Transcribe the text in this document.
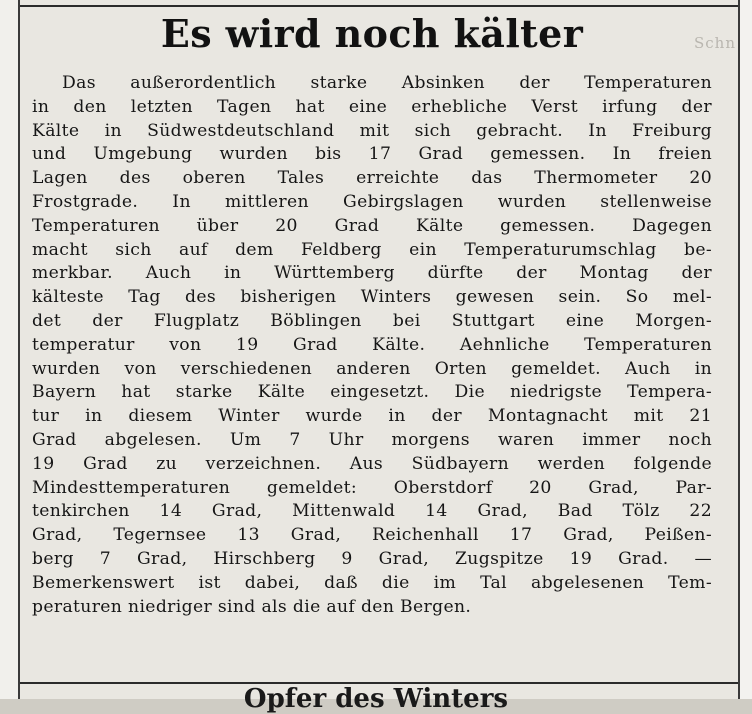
Schn
Es wird noch kälter
Das außerordentlich starke Absinken der Temperaturen
in den letzten Tagen hat eine erhebliche Verst irfung der
Kälte in Südwestdeutschland mit sich gebracht. In Freiburg
und Umgebung wurden bis 17 Grad gemessen. In freien
Lagen des oberen Tales erreichte das Thermometer 20
Frostgrade. In mittleren Gebirgslagen wurden stellenweise
Temperaturen über 20 Grad Kälte gemessen. Dagegen
macht sich auf dem Feldberg ein Temperaturumschlag be-
merkbar. Auch in Württemberg dürfte der Montag der
kälteste Tag des bisherigen Winters gewesen sein. So mel-
det der Flugplatz Böblingen bei Stuttgart eine Morgen-
temperatur von 19 Grad Kälte. Aehnliche Temperaturen
wurden von verschiedenen anderen Orten gemeldet. Auch in
Bayern hat starke Kälte eingesetzt. Die niedrigste Tempera-
tur in diesem Winter wurde in der Montagnacht mit 21
Grad abgelesen. Um 7 Uhr morgens waren immer noch
19 Grad zu verzeichnen. Aus Südbayern werden folgende
Mindesttemperaturen gemeldet: Oberstdorf 20 Grad, Par-
tenkirchen 14 Grad, Mittenwald 14 Grad, Bad Tölz 22
Grad, Tegernsee 13 Grad, Reichenhall 17 Grad, Peißen-
berg 7 Grad, Hirschberg 9 Grad, Zugspitze 19 Grad. —
Bemerkenswert ist dabei, daß die im Tal abgelesenen Tem-
peraturen niedriger sind als die auf den Bergen.
Opfer des Winters
